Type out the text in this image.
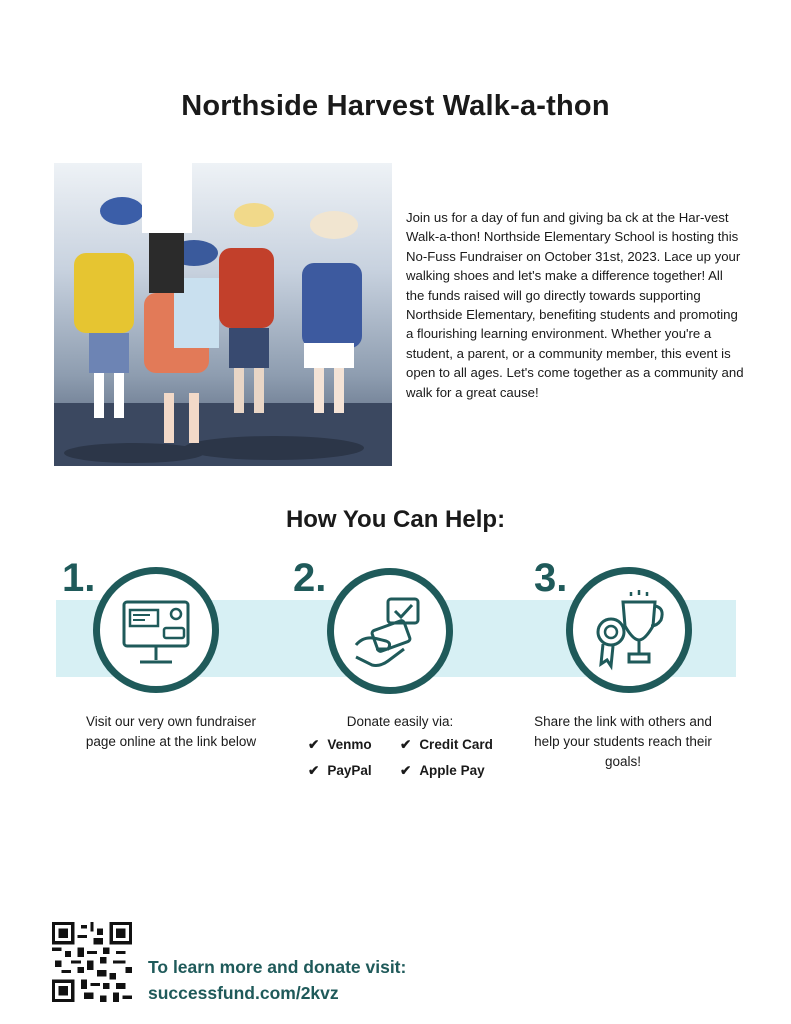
Northside Harvest Walk-a-thon
Join us for a day of fun and giving ba ck at the Har-vest Walk-a-thon! Northside Elementary School is hosting this No-Fuss Fundraiser on October 31st, 2023. Lace up your walking shoes and let's make a difference together! All the funds raised will go directly towards supporting Northside Elementary, benefiting students and promoting a flourishing learning environment. Whether you're a student, a parent, or a community member, this event is open to all ages. Let's come together as a community and walk for a great cause!
How You Can Help:
1.
Visit our very own fundraiser
page online at the link below
2.
Donate easily via:
✔ Venmo ✔ Credit Card
✔ PayPal ✔ Apple Pay
3.
Share the link with others and
help your students reach their
goals!
To learn more and donate visit:
successfund.com/2kvz
